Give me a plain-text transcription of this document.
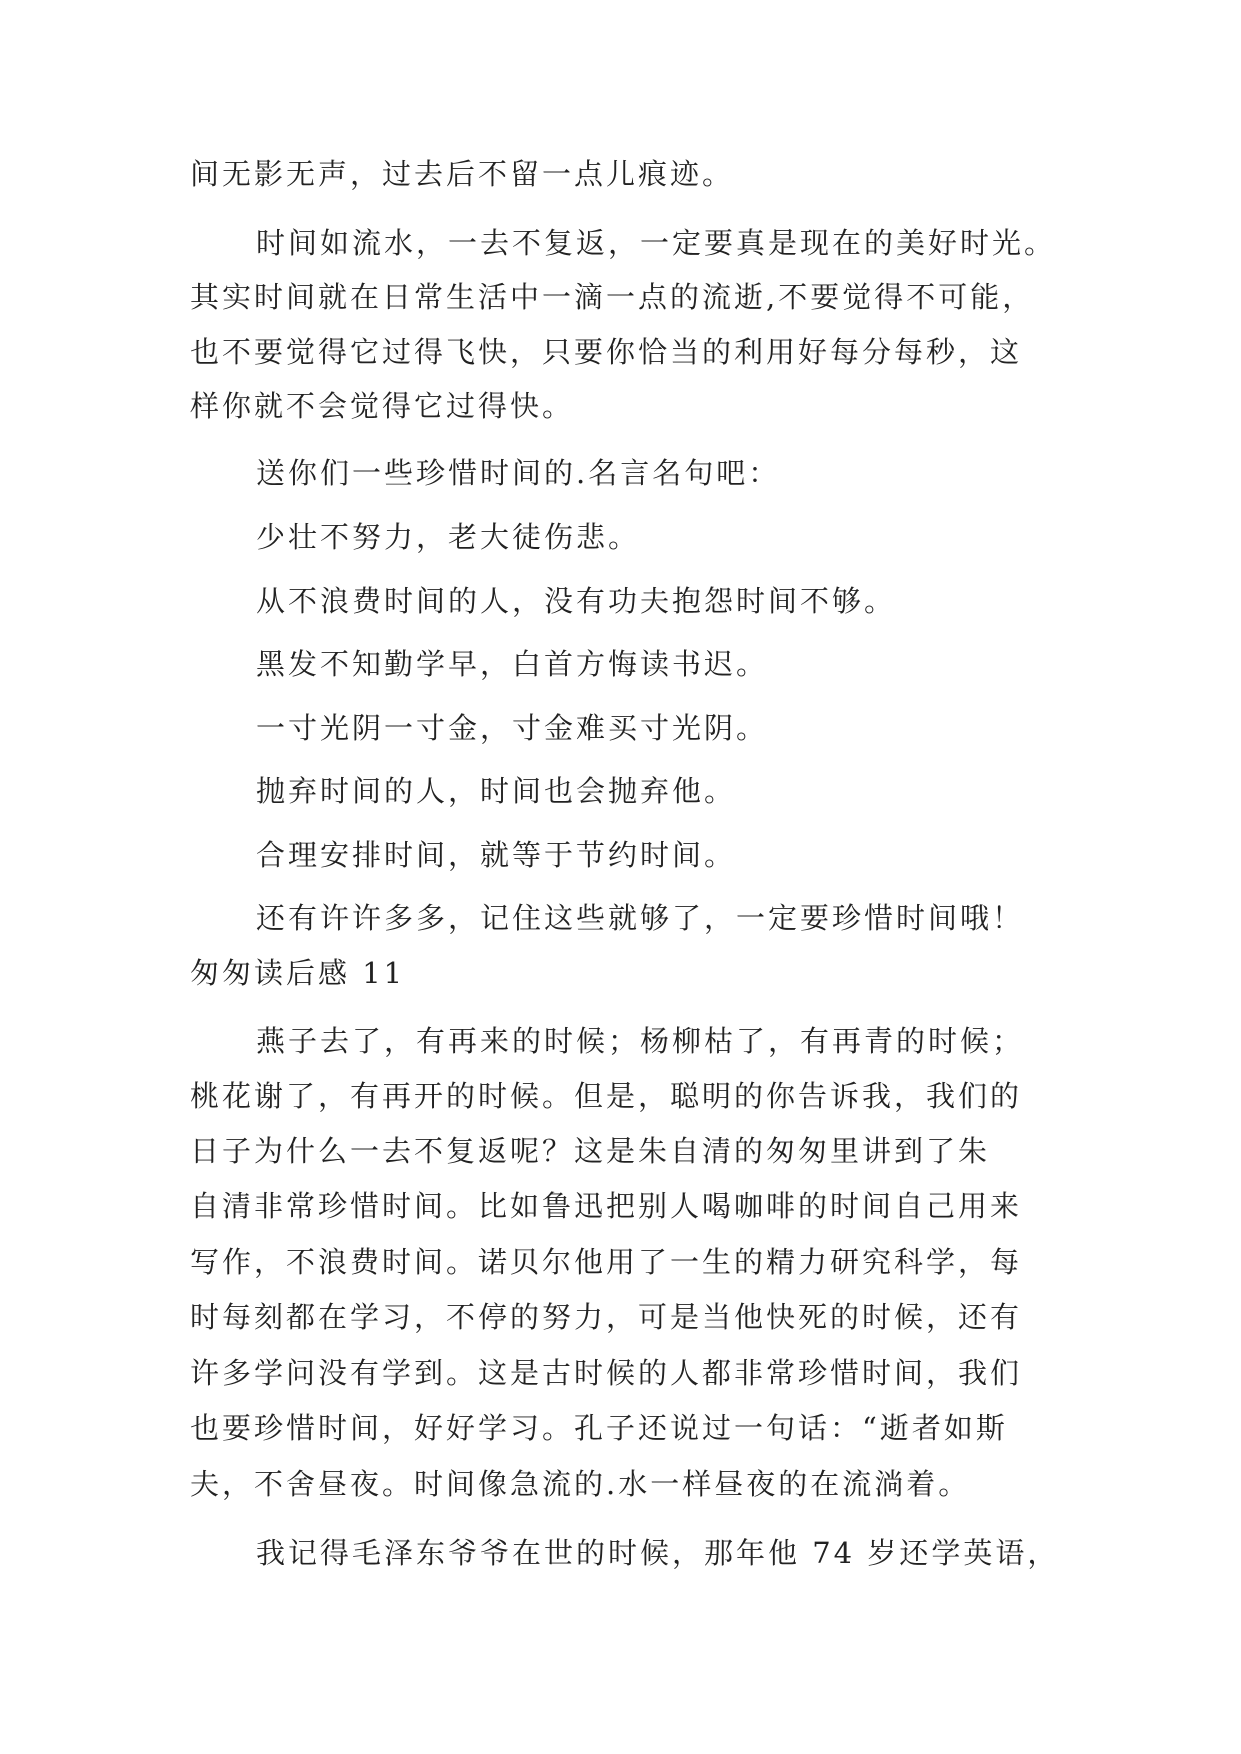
间无影无声，过去后不留一点儿痕迹。
时间如流水，一去不复返，一定要真是现在的美好时光。
其实时间就在日常生活中一滴一点的流逝,不要觉得不可能，
也不要觉得它过得飞快，只要你恰当的利用好每分每秒，这
样你就不会觉得它过得快。
送你们一些珍惜时间的.名言名句吧：
少壮不努力，老大徒伤悲。
从不浪费时间的人，没有功夫抱怨时间不够。
黑发不知勤学早，白首方悔读书迟。
一寸光阴一寸金，寸金难买寸光阴。
抛弃时间的人，时间也会抛弃他。
合理安排时间，就等于节约时间。
还有许许多多，记住这些就够了，一定要珍惜时间哦！
匆匆读后感 11
燕子去了，有再来的时候；杨柳枯了，有再青的时候；
桃花谢了，有再开的时候。但是，聪明的你告诉我，我们的
日子为什么一去不复返呢？这是朱自清的匆匆里讲到了朱
自清非常珍惜时间。比如鲁迅把别人喝咖啡的时间自己用来
写作，不浪费时间。诺贝尔他用了一生的精力研究科学，每
时每刻都在学习，不停的努力，可是当他快死的时候，还有
许多学问没有学到。这是古时候的人都非常珍惜时间，我们
也要珍惜时间，好好学习。孔子还说过一句话：“逝者如斯
夫，不舍昼夜。时间像急流的.水一样昼夜的在流淌着。
我记得毛泽东爷爷在世的时候，那年他 74 岁还学英语，
